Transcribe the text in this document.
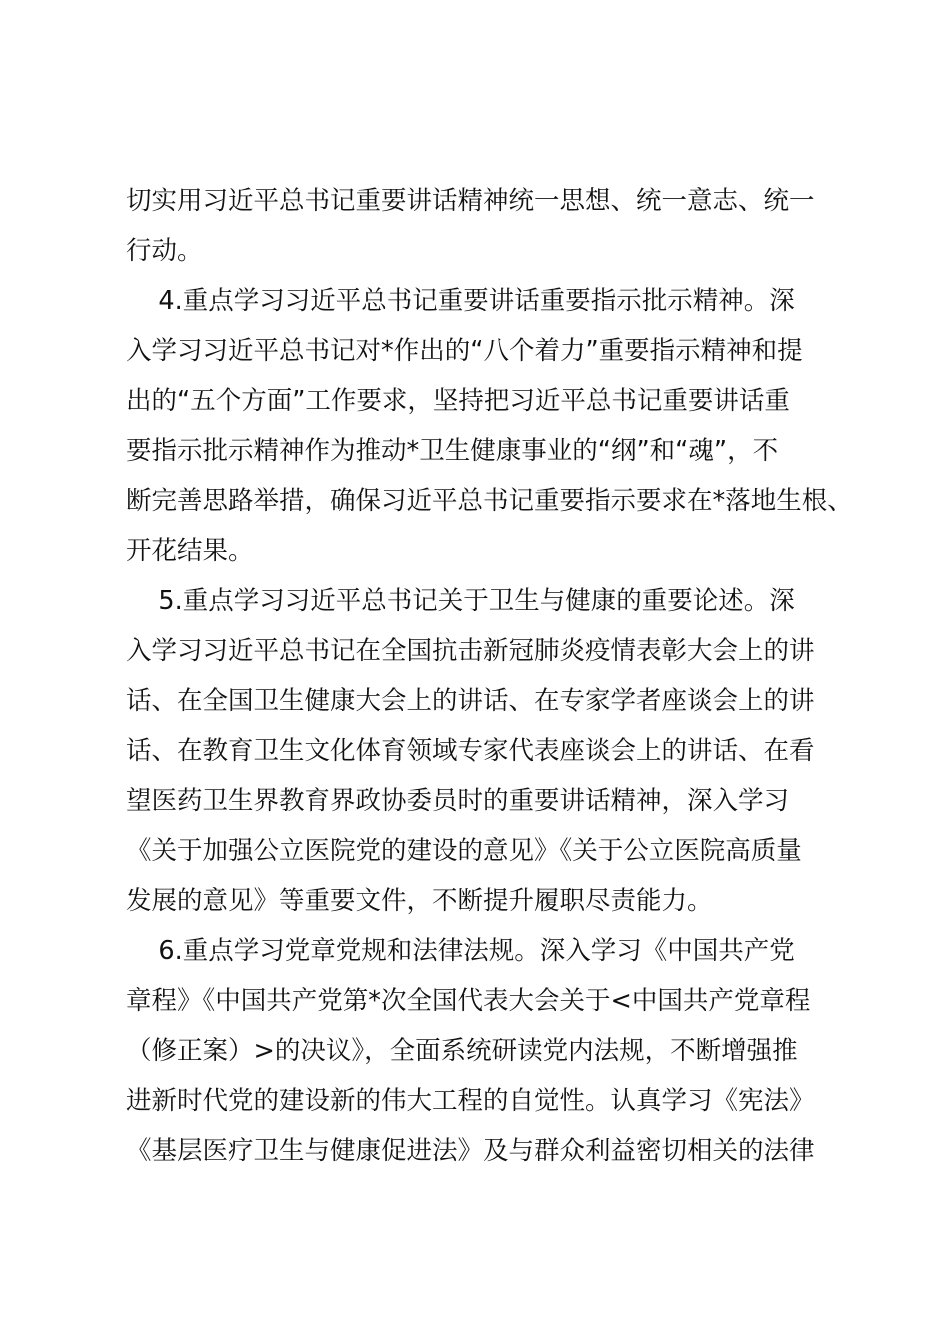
切实用习近平总书记重要讲话精神统一思想、统一意志、统一
行动。
4.重点学习习近平总书记重要讲话重要指示批示精神。深
入学习习近平总书记对*作出的“八个着力”重要指示精神和提
出的“五个方面”工作要求，坚持把习近平总书记重要讲话重
要指示批示精神作为推动*卫生健康事业的“纲”和“魂”，不
断完善思路举措，确保习近平总书记重要指示要求在*落地生根、
开花结果。
5.重点学习习近平总书记关于卫生与健康的重要论述。深
入学习习近平总书记在全国抗击新冠肺炎疫情表彰大会上的讲
话、在全国卫生健康大会上的讲话、在专家学者座谈会上的讲
话、在教育卫生文化体育领域专家代表座谈会上的讲话、在看
望医药卫生界教育界政协委员时的重要讲话精神，深入学习
《关于加强公立医院党的建设的意见》《关于公立医院高质量
发展的意见》等重要文件，不断提升履职尽责能力。
6.重点学习党章党规和法律法规。深入学习《中国共产党
章程》《中国共产党第*次全国代表大会关于<中国共产党章程
（修正案）>的决议》，全面系统研读党内法规，不断增强推
进新时代党的建设新的伟大工程的自觉性。认真学习《宪法》
《基层医疗卫生与健康促进法》及与群众利益密切相关的法律
